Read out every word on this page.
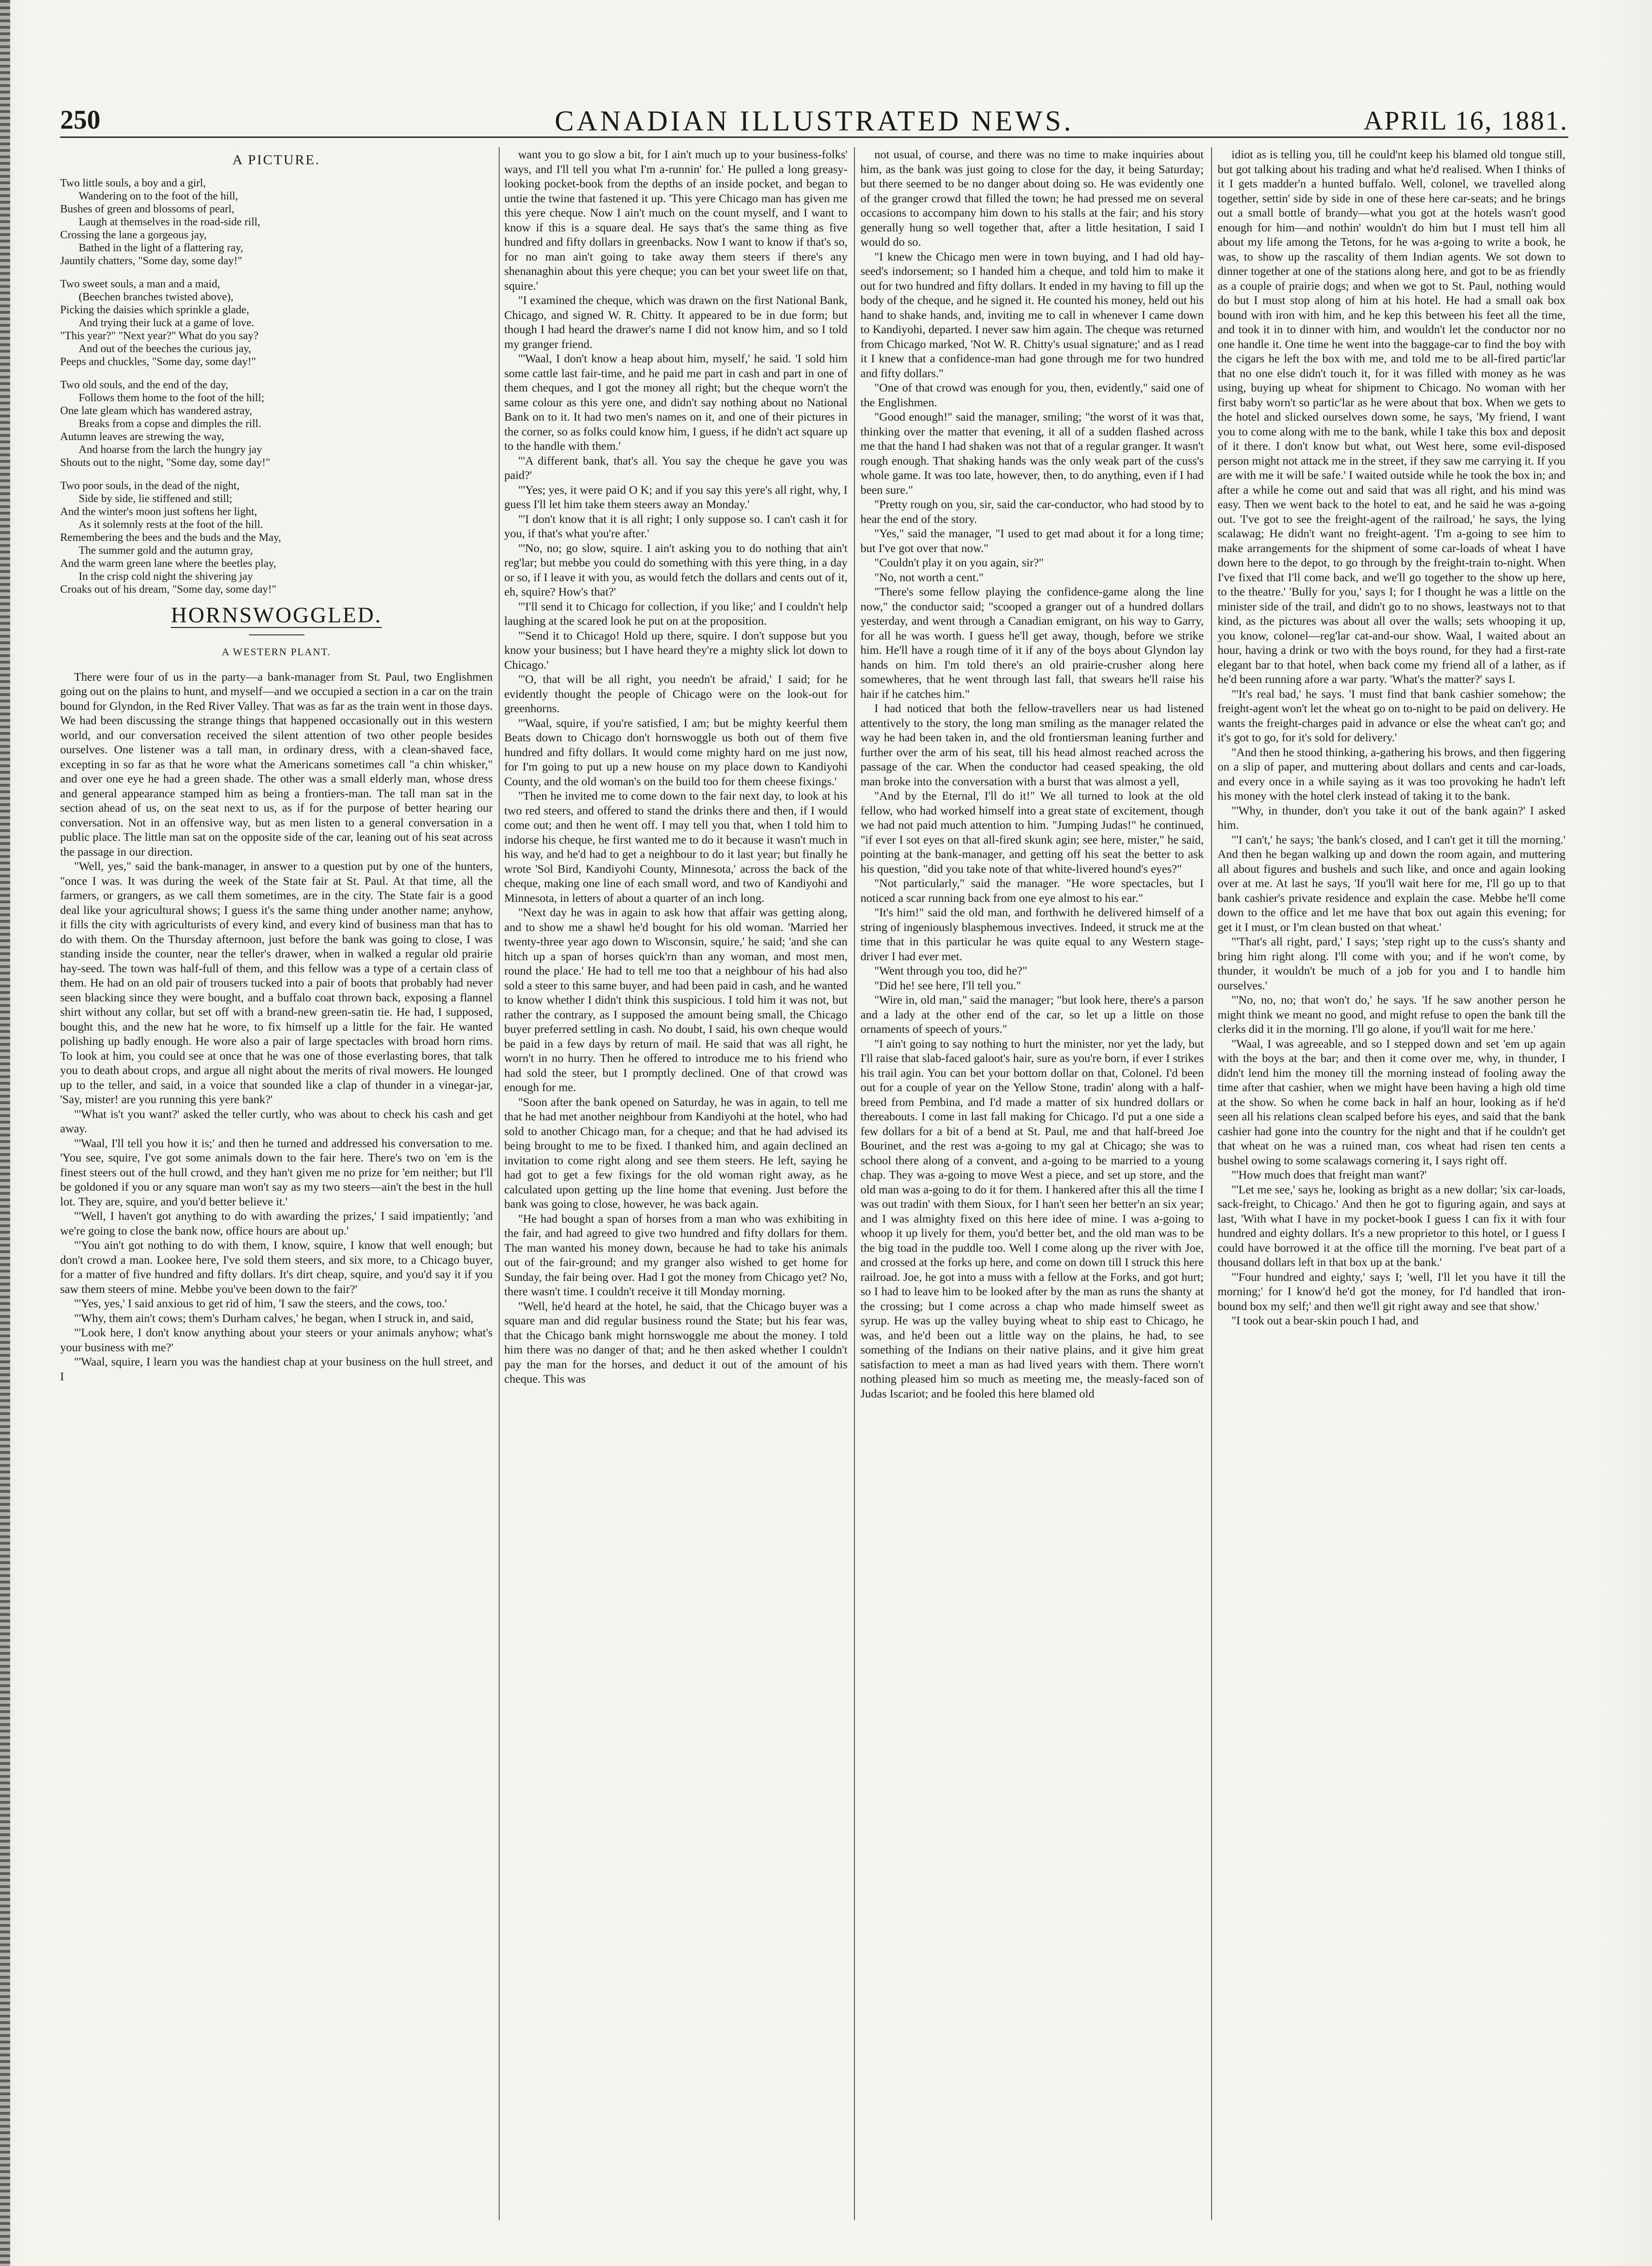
250	CANADIAN ILLUSTRATED NEWS.	APRIL 16, 1881.
A PICTURE.
Two little souls, a boy and a girl,
Wandering on to the foot of the hill,
Bushes of green and blossoms of pearl,
Laugh at themselves in the road-side rill,
Crossing the lane a gorgeous jay,
Bathed in the light of a flattering ray,
Jauntily chatters, "Some day, some day!"
Two sweet souls, a man and a maid,
(Beechen branches twisted above),
Picking the daisies which sprinkle a glade,
And trying their luck at a game of love.
"This year?" "Next year?" What do you say?
And out of the beeches the curious jay,
Peeps and chuckles, "Some day, some day!"
Two old souls, and the end of the day,
Follows them home to the foot of the hill;
One late gleam which has wandered astray,
Breaks from a copse and dimples the rill.
Autumn leaves are strewing the way,
And hoarse from the larch the hungry jay
Shouts out to the night, "Some day, some day!"
Two poor souls, in the dead of the night,
Side by side, lie stiffened and still;
And the winter's moon just softens her light,
As it solemnly rests at the foot of the hill.
Remembering the bees and the buds and the May,
The summer gold and the autumn gray,
And the warm green lane where the beetles play,
In the crisp cold night the shivering jay
Croaks out of his dream, "Some day, some day!"
HORNSWOGGLED.
A WESTERN PLANT.

There were four of us in the party—a bank-manager from St. Paul, two Englishmen going out on the plains to hunt, and myself—and we occupied a section in a car on the train bound for Glyndon, in the Red River Valley. That was as far as the train went in those days. We had been discussing the strange things that happened occasionally out in this western world, and our conversation received the silent attention of two other people besides ourselves. One listener was a tall man, in ordinary dress, with a clean-shaved face, excepting in so far as that he wore what the Americans sometimes call "a chin whisker," and over one eye he had a green shade. The other was a small elderly man, whose dress and general appearance stamped him as being a frontiers-man. The tall man sat in the section ahead of us, on the seat next to us, as if for the purpose of better hearing our conversation. Not in an offensive way, but as men listen to a general conversation in a public place. The little man sat on the opposite side of the car, leaning out of his seat across the passage in our direction.

"Well, yes," said the bank-manager, in answer to a question put by one of the hunters, "once I was. It was during the week of the State fair at St. Paul. At that time, all the farmers, or grangers, as we call them sometimes, are in the city. The State fair is a good deal like your agricultural shows; I guess it's the same thing under another name; anyhow, it fills the city with agriculturists of every kind, and every kind of business man that has to do with them. On the Thursday afternoon, just before the bank was going to close, I was standing inside the counter, near the teller's drawer, when in walked a regular old prairie hay-seed. The town was half-full of them, and this fellow was a type of a certain class of them. He had on an old pair of trousers tucked into a pair of boots that probably had never seen blacking since they were bought, and a buffalo coat thrown back, exposing a flannel shirt without any collar, but set off with a brand-new green-satin tie. He had, I supposed, bought this, and the new hat he wore, to fix himself up a little for the fair. He wanted polishing up badly enough. He wore also a pair of large spectacles with broad horn rims. To look at him, you could see at once that he was one of those everlasting bores, that talk you to death about crops, and argue all night about the merits of rival mowers. He lounged up to the teller, and said, in a voice that sounded like a clap of thunder in a vinegar-jar, 'Say, mister! are you running this yere bank?'

"'What is't you want?' asked the teller curtly, who was about to check his cash and get away.

"'Waal, I'll tell you how it is;' and then he turned and addressed his conversation to me. 'You see, squire, I've got some animals down to the fair here. There's two on 'em is the finest steers out of the hull crowd, and they han't given me no prize for 'em neither; but I'll be goldoned if you or any square man won't say as my two steers—ain't the best in the hull lot. They are, squire, and you'd better believe it.'

"'Well, I haven't got anything to do with awarding the prizes,' I said impatiently; 'and we're going to close the bank now, office hours are about up.'

"'You ain't got nothing to do with them, I know, squire, I know that well enough; but don't crowd a man. Lookee here, I've sold them steers, and six more, to a Chicago buyer, for a matter of five hundred and fifty dollars. It's dirt cheap, squire, and you'd say it if you saw them steers of mine. Mebbe you've been down to the fair?'

"'Yes, yes,' I said anxious to get rid of him, 'I saw the steers, and the cows, too.'

"'Why, them ain't cows; them's Durham calves,' he began, when I struck in, and said,

"'Look here, I don't know anything about your steers or your animals anyhow; what's your business with me?'

"'Waal, squire, I learn you was the handiest chap at your business on the hull street, and I

want you to go slow a bit, for I ain't much up to your business-folks' ways, and I'll tell you what I'm a-runnin' for.' He pulled a long greasy-looking pocket-book from the depths of an inside pocket, and began to untie the twine that fastened it up. 'This yere Chicago man has given me this yere cheque. Now I ain't much on the count myself, and I want to know if this is a square deal. He says that's the same thing as five hundred and fifty dollars in greenbacks. Now I want to know if that's so, for no man ain't going to take away them steers if there's any shenanaghin about this yere cheque; you can bet your sweet life on that, squire.'

"I examined the cheque, which was drawn on the first National Bank, Chicago, and signed W. R. Chitty. It appeared to be in due form; but though I had heard the drawer's name I did not know him, and so I told my granger friend.

"'Waal, I don't know a heap about him, myself,' he said. 'I sold him some cattle last fair-time, and he paid me part in cash and part in one of them cheques, and I got the money all right; but the cheque worn't the same colour as this yere one, and didn't say nothing about no National Bank on to it. It had two men's names on it, and one of their pictures in the corner, so as folks could know him, I guess, if he didn't act square up to the handle with them.'

"'A different bank, that's all. You say the cheque he gave you was paid?'

"'Yes; yes, it were paid O K; and if you say this yere's all right, why, I guess I'll let him take them steers away an Monday.'

"'I don't know that it is all right; I only suppose so. I can't cash it for you, if that's what you're after.'

"'No, no; go slow, squire. I ain't asking you to do nothing that ain't reg'lar; but mebbe you could do something with this yere thing, in a day or so, if I leave it with you, as would fetch the dollars and cents out of it, eh, squire? How's that?'

"'I'll send it to Chicago for collection, if you like;' and I couldn't help laughing at the scared look he put on at the proposition.

"'Send it to Chicago! Hold up there, squire. I don't suppose but you know your business; but I have heard they're a mighty slick lot down to Chicago.'

"'O, that will be all right, you needn't be afraid,' I said; for he evidently thought the people of Chicago were on the look-out for greenhorns.

"'Waal, squire, if you're satisfied, I am; but be mighty keerful them Beats down to Chicago don't hornswoggle us both out of them five hundred and fifty dollars. It would come mighty hard on me just now, for I'm going to put up a new house on my place down to Kandiyohi County, and the old woman's on the build too for them cheese fixings.'

"Then he invited me to come down to the fair next day, to look at his two red steers, and offered to stand the drinks there and then, if I would come out; and then he went off. I may tell you that, when I told him to indorse his cheque, he first wanted me to do it because it wasn't much in his way, and he'd had to get a neighbour to do it last year; but finally he wrote 'Sol Bird, Kandiyohi County, Minnesota,' across the back of the cheque, making one line of each small word, and two of Kandiyohi and Minnesota, in letters of about a quarter of an inch long.

"Next day he was in again to ask how that affair was getting along, and to show me a shawl he'd bought for his old woman. 'Married her twenty-three year ago down to Wisconsin, squire,' he said; 'and she can hitch up a span of horses quick'rn than any woman, and most men, round the place.' He had to tell me too that a neighbour of his had also sold a steer to this same buyer, and had been paid in cash, and he wanted to know whether I didn't think this suspicious. I told him it was not, but rather the contrary, as I supposed the amount being small, the Chicago buyer preferred settling in cash. No doubt, I said, his own cheque would be paid in a few days by return of mail. He said that was all right, he worn't in no hurry. Then he offered to introduce me to his friend who had sold the steer, but I promptly declined. One of that crowd was enough for me.

"Soon after the bank opened on Saturday, he was in again, to tell me that he had met another neighbour from Kandiyohi at the hotel, who had sold to another Chicago man, for a cheque; and that he had advised its being brought to me to be fixed. I thanked him, and again declined an invitation to come right along and see them steers. He left, saying he had got to get a few fixings for the old woman right away, as he calculated upon getting up the line home that evening. Just before the bank was going to close, however, he was back again.

"He had bought a span of horses from a man who was exhibiting in the fair, and had agreed to give two hundred and fifty dollars for them. The man wanted his money down, because he had to take his animals out of the fair-ground; and my granger also wished to get home for Sunday, the fair being over. Had I got the money from Chicago yet? No, there wasn't time. I couldn't receive it till Monday morning.

"Well, he'd heard at the hotel, he said, that the Chicago buyer was a square man and did regular business round the State; but his fear was, that the Chicago bank might hornswoggle me about the money. I told him there was no danger of that; and he then asked whether I couldn't pay the man for the horses, and deduct it out of the amount of his cheque. This was

not usual, of course, and there was no time to make inquiries about him, as the bank was just going to close for the day, it being Saturday; but there seemed to be no danger about doing so. He was evidently one of the granger crowd that filled the town; he had pressed me on several occasions to accompany him down to his stalls at the fair; and his story generally hung so well together that, after a little hesitation, I said I would do so.

"I knew the Chicago men were in town buying, and I had old hay-seed's indorsement; so I handed him a cheque, and told him to make it out for two hundred and fifty dollars. It ended in my having to fill up the body of the cheque, and he signed it. He counted his money, held out his hand to shake hands, and, inviting me to call in whenever I came down to Kandiyohi, departed. I never saw him again. The cheque was returned from Chicago marked, 'Not W. R. Chitty's usual signature;' and as I read it I knew that a confidence-man had gone through me for two hundred and fifty dollars."

"One of that crowd was enough for you, then, evidently," said one of the Englishmen.

"Good enough!" said the manager, smiling; "the worst of it was that, thinking over the matter that evening, it all of a sudden flashed across me that the hand I had shaken was not that of a regular granger. It wasn't rough enough. That shaking hands was the only weak part of the cuss's whole game. It was too late, however, then, to do anything, even if I had been sure."

"Pretty rough on you, sir, said the car-conductor, who had stood by to hear the end of the story.

"Yes," said the manager, "I used to get mad about it for a long time; but I've got over that now."

"Couldn't play it on you again, sir?"

"No, not worth a cent."

"There's some fellow playing the confidence-game along the line now," the conductor said; "scooped a granger out of a hundred dollars yesterday, and went through a Canadian emigrant, on his way to Garry, for all he was worth. I guess he'll get away, though, before we strike him. He'll have a rough time of it if any of the boys about Glyndon lay hands on him. I'm told there's an old prairie-crusher along here somewheres, that he went through last fall, that swears he'll raise his hair if he catches him."

I had noticed that both the fellow-travellers near us had listened attentively to the story, the long man smiling as the manager related the way he had been taken in, and the old frontiersman leaning further and further over the arm of his seat, till his head almost reached across the passage of the car. When the conductor had ceased speaking, the old man broke into the conversation with a burst that was almost a yell,

"And by the Eternal, I'll do it!" We all turned to look at the old fellow, who had worked himself into a great state of excitement, though we had not paid much attention to him. "Jumping Judas!" he continued, "if ever I sot eyes on that all-fired skunk agin; see here, mister," he said, pointing at the bank-manager, and getting off his seat the better to ask his question, "did you take note of that white-livered hound's eyes?"

"Not particularly," said the manager. "He wore spectacles, but I noticed a scar running back from one eye almost to his ear."

"It's him!" said the old man, and forthwith he delivered himself of a string of ingeniously blasphemous invectives. Indeed, it struck me at the time that in this particular he was quite equal to any Western stage-driver I had ever met.

"Went through you too, did he?"

"Did he! see here, I'll tell you."

"Wire in, old man," said the manager; "but look here, there's a parson and a lady at the other end of the car, so let up a little on those ornaments of speech of yours."

"I ain't going to say nothing to hurt the minister, nor yet the lady, but I'll raise that slab-faced galoot's hair, sure as you're born, if ever I strikes his trail agin. You can bet your bottom dollar on that, Colonel. I'd been out for a couple of year on the Yellow Stone, tradin' along with a half-breed from Pembina, and I'd made a matter of six hundred dollars or thereabouts. I come in last fall making for Chicago. I'd put a one side a few dollars for a bit of a bend at St. Paul, me and that half-breed Joe Bourinet, and the rest was a-going to my gal at Chicago; she was to school there along of a convent, and a-going to be married to a young chap. They was a-going to move West a piece, and set up store, and the old man was a-going to do it for them. I hankered after this all the time I was out tradin' with them Sioux, for I han't seen her better'n an six year; and I was almighty fixed on this here idee of mine. I was a-going to whoop it up lively for them, you'd better bet, and the old man was to be the big toad in the puddle too. Well I come along up the river with Joe, and crossed at the forks up here, and come on down till I struck this here railroad. Joe, he got into a muss with a fellow at the Forks, and got hurt; so I had to leave him to be looked after by the man as runs the shanty at the crossing; but I come across a chap who made himself sweet as syrup. He was up the valley buying wheat to ship east to Chicago, he was, and he'd been out a little way on the plains, he had, to see something of the Indians on their native plains, and it give him great satisfaction to meet a man as had lived years with them. There worn't nothing pleased him so much as meeting me, the measly-faced son of Judas Iscariot; and he fooled this here blamed old

idiot as is telling you, till he could'nt keep his blamed old tongue still, but got talking about his trading and what he'd realised. When I thinks of it I gets madder'n a hunted buffalo. Well, colonel, we travelled along together, settin' side by side in one of these here car-seats; and he brings out a small bottle of brandy—what you got at the hotels wasn't good enough for him—and nothin' wouldn't do him but I must tell him all about my life among the Tetons, for he was a-going to write a book, he was, to show up the rascality of them Indian agents. We sot down to dinner together at one of the stations along here, and got to be as friendly as a couple of prairie dogs; and when we got to St. Paul, nothing would do but I must stop along of him at his hotel. He had a small oak box bound with iron with him, and he kep this between his feet all the time, and took it in to dinner with him, and wouldn't let the conductor nor no one handle it. One time he went into the baggage-car to find the boy with the cigars he left the box with me, and told me to be all-fired partic'lar that no one else didn't touch it, for it was filled with money as he was using, buying up wheat for shipment to Chicago. No woman with her first baby worn't so partic'lar as he were about that box. When we gets to the hotel and slicked ourselves down some, he says, 'My friend, I want you to come along with me to the bank, while I take this box and deposit of it there. I don't know but what, out West here, some evil-disposed person might not attack me in the street, if they saw me carrying it. If you are with me it will be safe.' I waited outside while he took the box in; and after a while he come out and said that was all right, and his mind was easy. Then we went back to the hotel to eat, and he said he was a-going out. 'I've got to see the freight-agent of the railroad,' he says, the lying scalawag; He didn't want no freight-agent. 'I'm a-going to see him to make arrangements for the shipment of some car-loads of wheat I have down here to the depot, to go through by the freight-train to-night. When I've fixed that I'll come back, and we'll go together to the show up here, to the theatre.' 'Bully for you,' says I; for I thought he was a little on the minister side of the trail, and didn't go to no shows, leastways not to that kind, as the pictures was about all over the walls; sets whooping it up, you know, colonel—reg'lar cat-and-our show. Waal, I waited about an hour, having a drink or two with the boys round, for they had a first-rate elegant bar to that hotel, when back come my friend all of a lather, as if he'd been running afore a war party. 'What's the matter?' says I.

"'It's real bad,' he says. 'I must find that bank cashier somehow; the freight-agent won't let the wheat go on to-night to be paid on delivery. He wants the freight-charges paid in advance or else the wheat can't go; and it's got to go, for it's sold for delivery.'

"And then he stood thinking, a-gathering his brows, and then figgering on a slip of paper, and muttering about dollars and cents and car-loads, and every once in a while saying as it was too provoking he hadn't left his money with the hotel clerk instead of taking it to the bank.

"'Why, in thunder, don't you take it out of the bank again?' I asked him.

"'I can't,' he says; 'the bank's closed, and I can't get it till the morning.' And then he began walking up and down the room again, and muttering all about figures and bushels and such like, and once and again looking over at me. At last he says, 'If you'll wait here for me, I'll go up to that bank cashier's private residence and explain the case. Mebbe he'll come down to the office and let me have that box out again this evening; for get it I must, or I'm clean busted on that wheat.'

"'That's all right, pard,' I says; 'step right up to the cuss's shanty and bring him right along. I'll come with you; and if he won't come, by thunder, it wouldn't be much of a job for you and I to handle him ourselves.'

"'No, no, no; that won't do,' he says. 'If he saw another person he might think we meant no good, and might refuse to open the bank till the clerks did it in the morning. I'll go alone, if you'll wait for me here.'

"Waal, I was agreeable, and so I stepped down and set 'em up again with the boys at the bar; and then it come over me, why, in thunder, I didn't lend him the money till the morning instead of fooling away the time after that cashier, when we might have been having a high old time at the show. So when he come back in half an hour, looking as if he'd seen all his relations clean scalped before his eyes, and said that the bank cashier had gone into the country for the night and that if he couldn't get that wheat on he was a ruined man, cos wheat had risen ten cents a bushel owing to some scalawags cornering it, I says right off.

"'How much does that freight man want?'

"'Let me see,' says he, looking as bright as a new dollar; 'six car-loads, sack-freight, to Chicago.' And then he got to figuring again, and says at last, 'With what I have in my pocket-book I guess I can fix it with four hundred and eighty dollars. It's a new proprietor to this hotel, or I guess I could have borrowed it at the office till the morning. I've beat part of a thousand dollars left in that box up at the bank.'

"'Four hundred and eighty,' says I; 'well, I'll let you have it till the morning;' for I know'd he'd got the money, for I'd handled that iron-bound box my self;' and then we'll git right away and see that show.'

"I took out a bear-skin pouch I had, and
